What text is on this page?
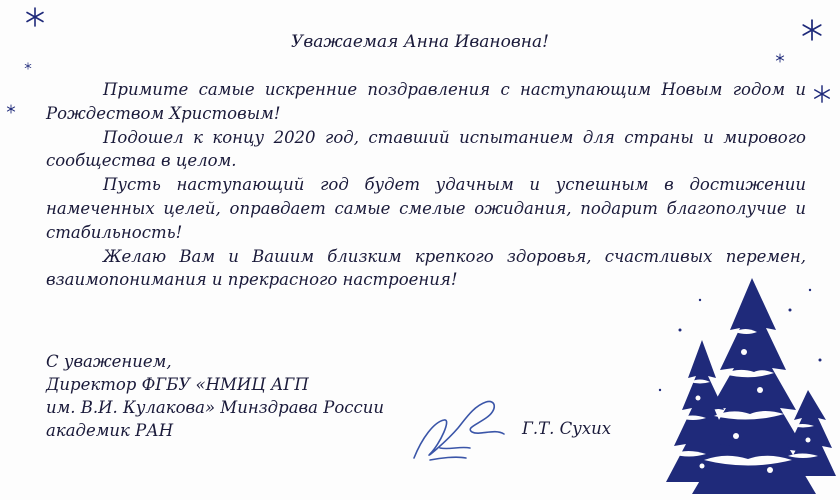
Уважаемая Анна Ивановна!

Примите самые искренние поздравления с наступающим Новым годом и Рождеством Христовым!

Подошел к концу 2020 год, ставший испытанием для страны и мирового сообщества в целом.

Пусть наступающий год будет удачным и успешным в достижении намеченных целей, оправдает самые смелые ожидания, подарит благополучие и стабильность!

Желаю Вам и Вашим близким крепкого здоровья, счастливых перемен, взаимопонимания и прекрасного настроения!

С уважением,
Директор ФГБУ «НМИЦ АГП
им. В.И. Кулакова» Минздрава России
академик РАН	Г.Т. Сухих
